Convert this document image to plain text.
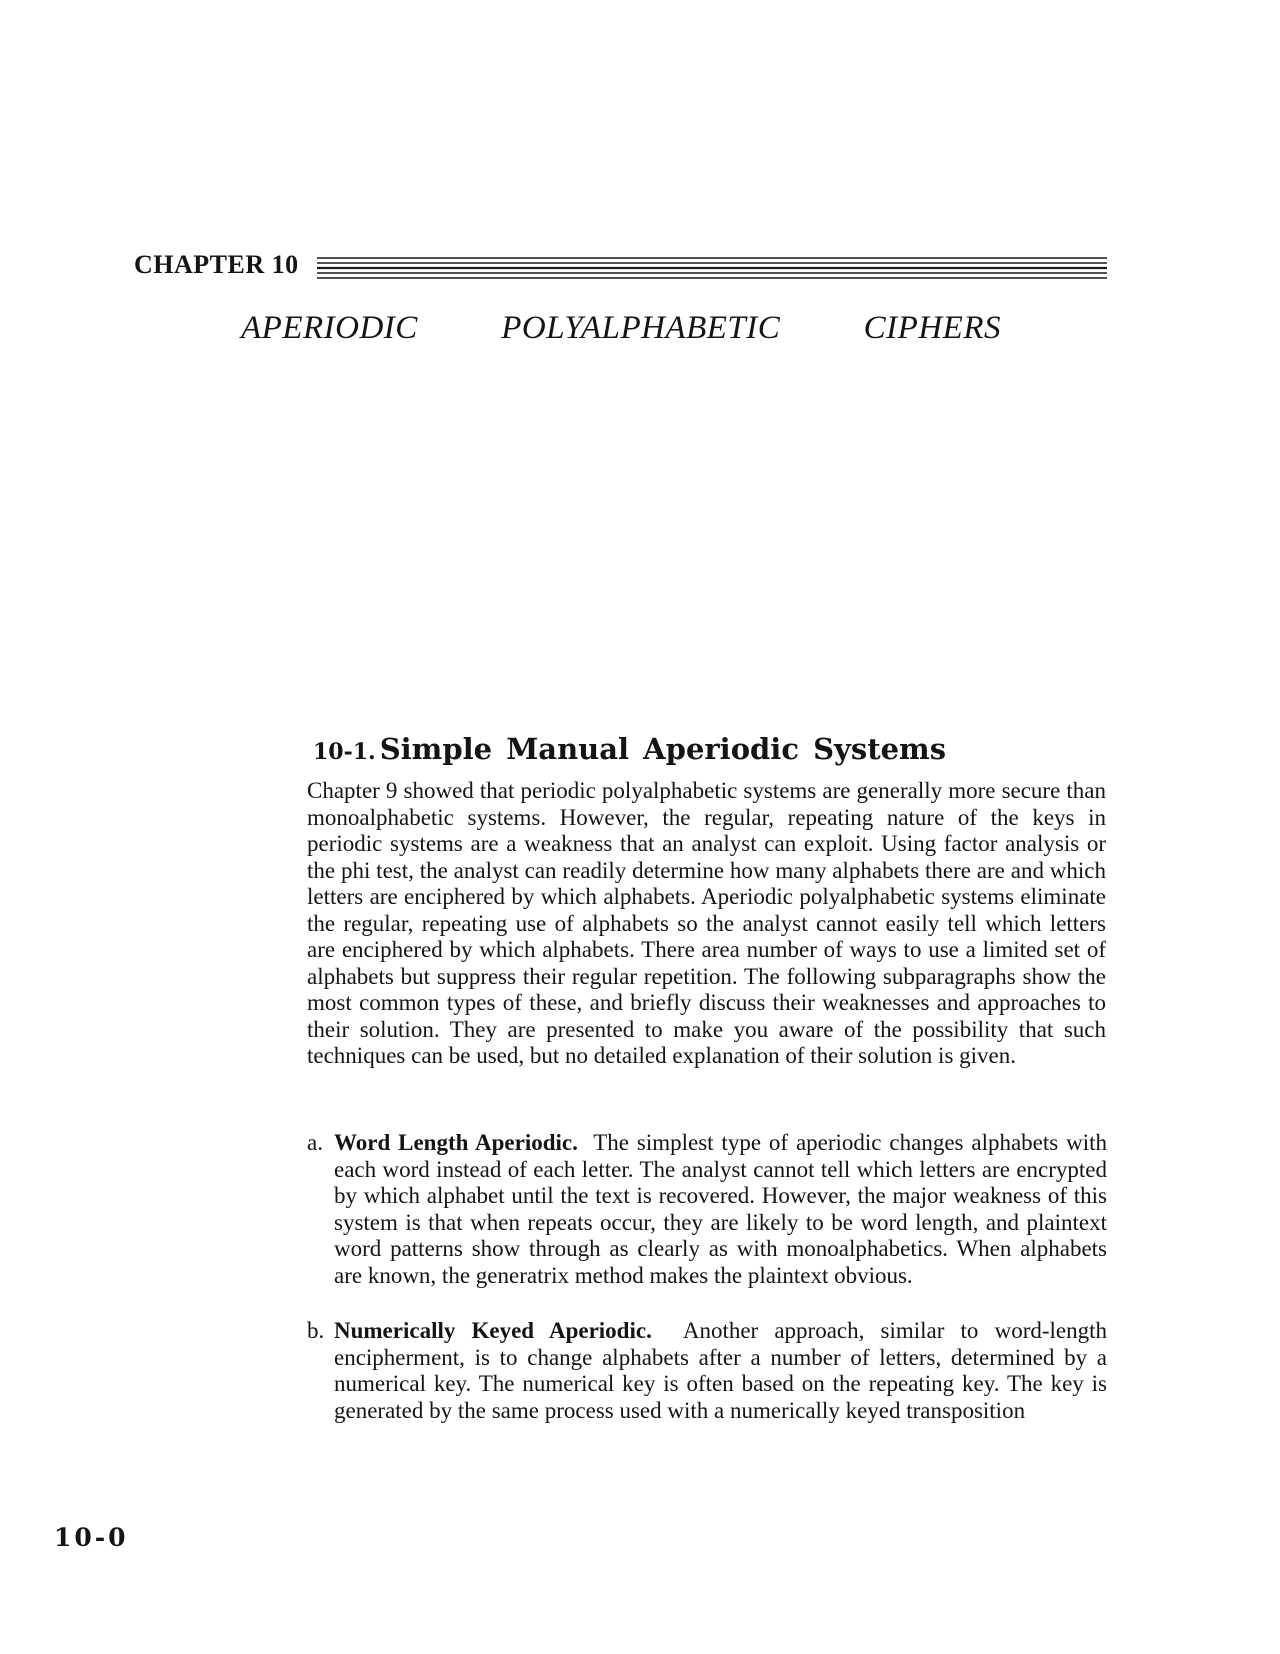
CHAPTER 10
APERIODIC	POLYALPHABETIC	CIPHERS
10-1. Simple Manual Aperiodic Systems

Chapter 9 showed that periodic polyalphabetic systems are generally more secure than monoalphabetic systems. However, the regular, repeating nature of the keys in periodic systems are a weakness that an analyst can exploit. Using factor analysis or the phi test, the analyst can readily determine how many alphabets there are and which letters are enciphered by which alphabets. Aperiodic polyalphabetic systems eliminate the regular, repeating use of alphabets so the analyst cannot easily tell which letters are enciphered by which alphabets. There area number of ways to use a limited set of alphabets but suppress their regular repetition. The following subparagraphs show the most common types of these, and briefly discuss their weaknesses and approaches to their solution. They are presented to make you aware of the possibility that such techniques can be used, but no detailed explanation of their solution is given.

a. Word Length Aperiodic. The simplest type of aperiodic changes alphabets with each word instead of each letter. The analyst cannot tell which letters are encrypted by which alphabet until the text is recovered. However, the major weakness of this system is that when repeats occur, they are likely to be word length, and plaintext word patterns show through as clearly as with monoalphabetics. When alphabets are known, the generatrix method makes the plaintext obvious.

b. Numerically Keyed Aperiodic. Another approach, similar to word-length encipherment, is to change alphabets after a number of letters, determined by a numerical key. The numerical key is often based on the repeating key. The key is generated by the same process used with a numerically keyed transposition

10-0
